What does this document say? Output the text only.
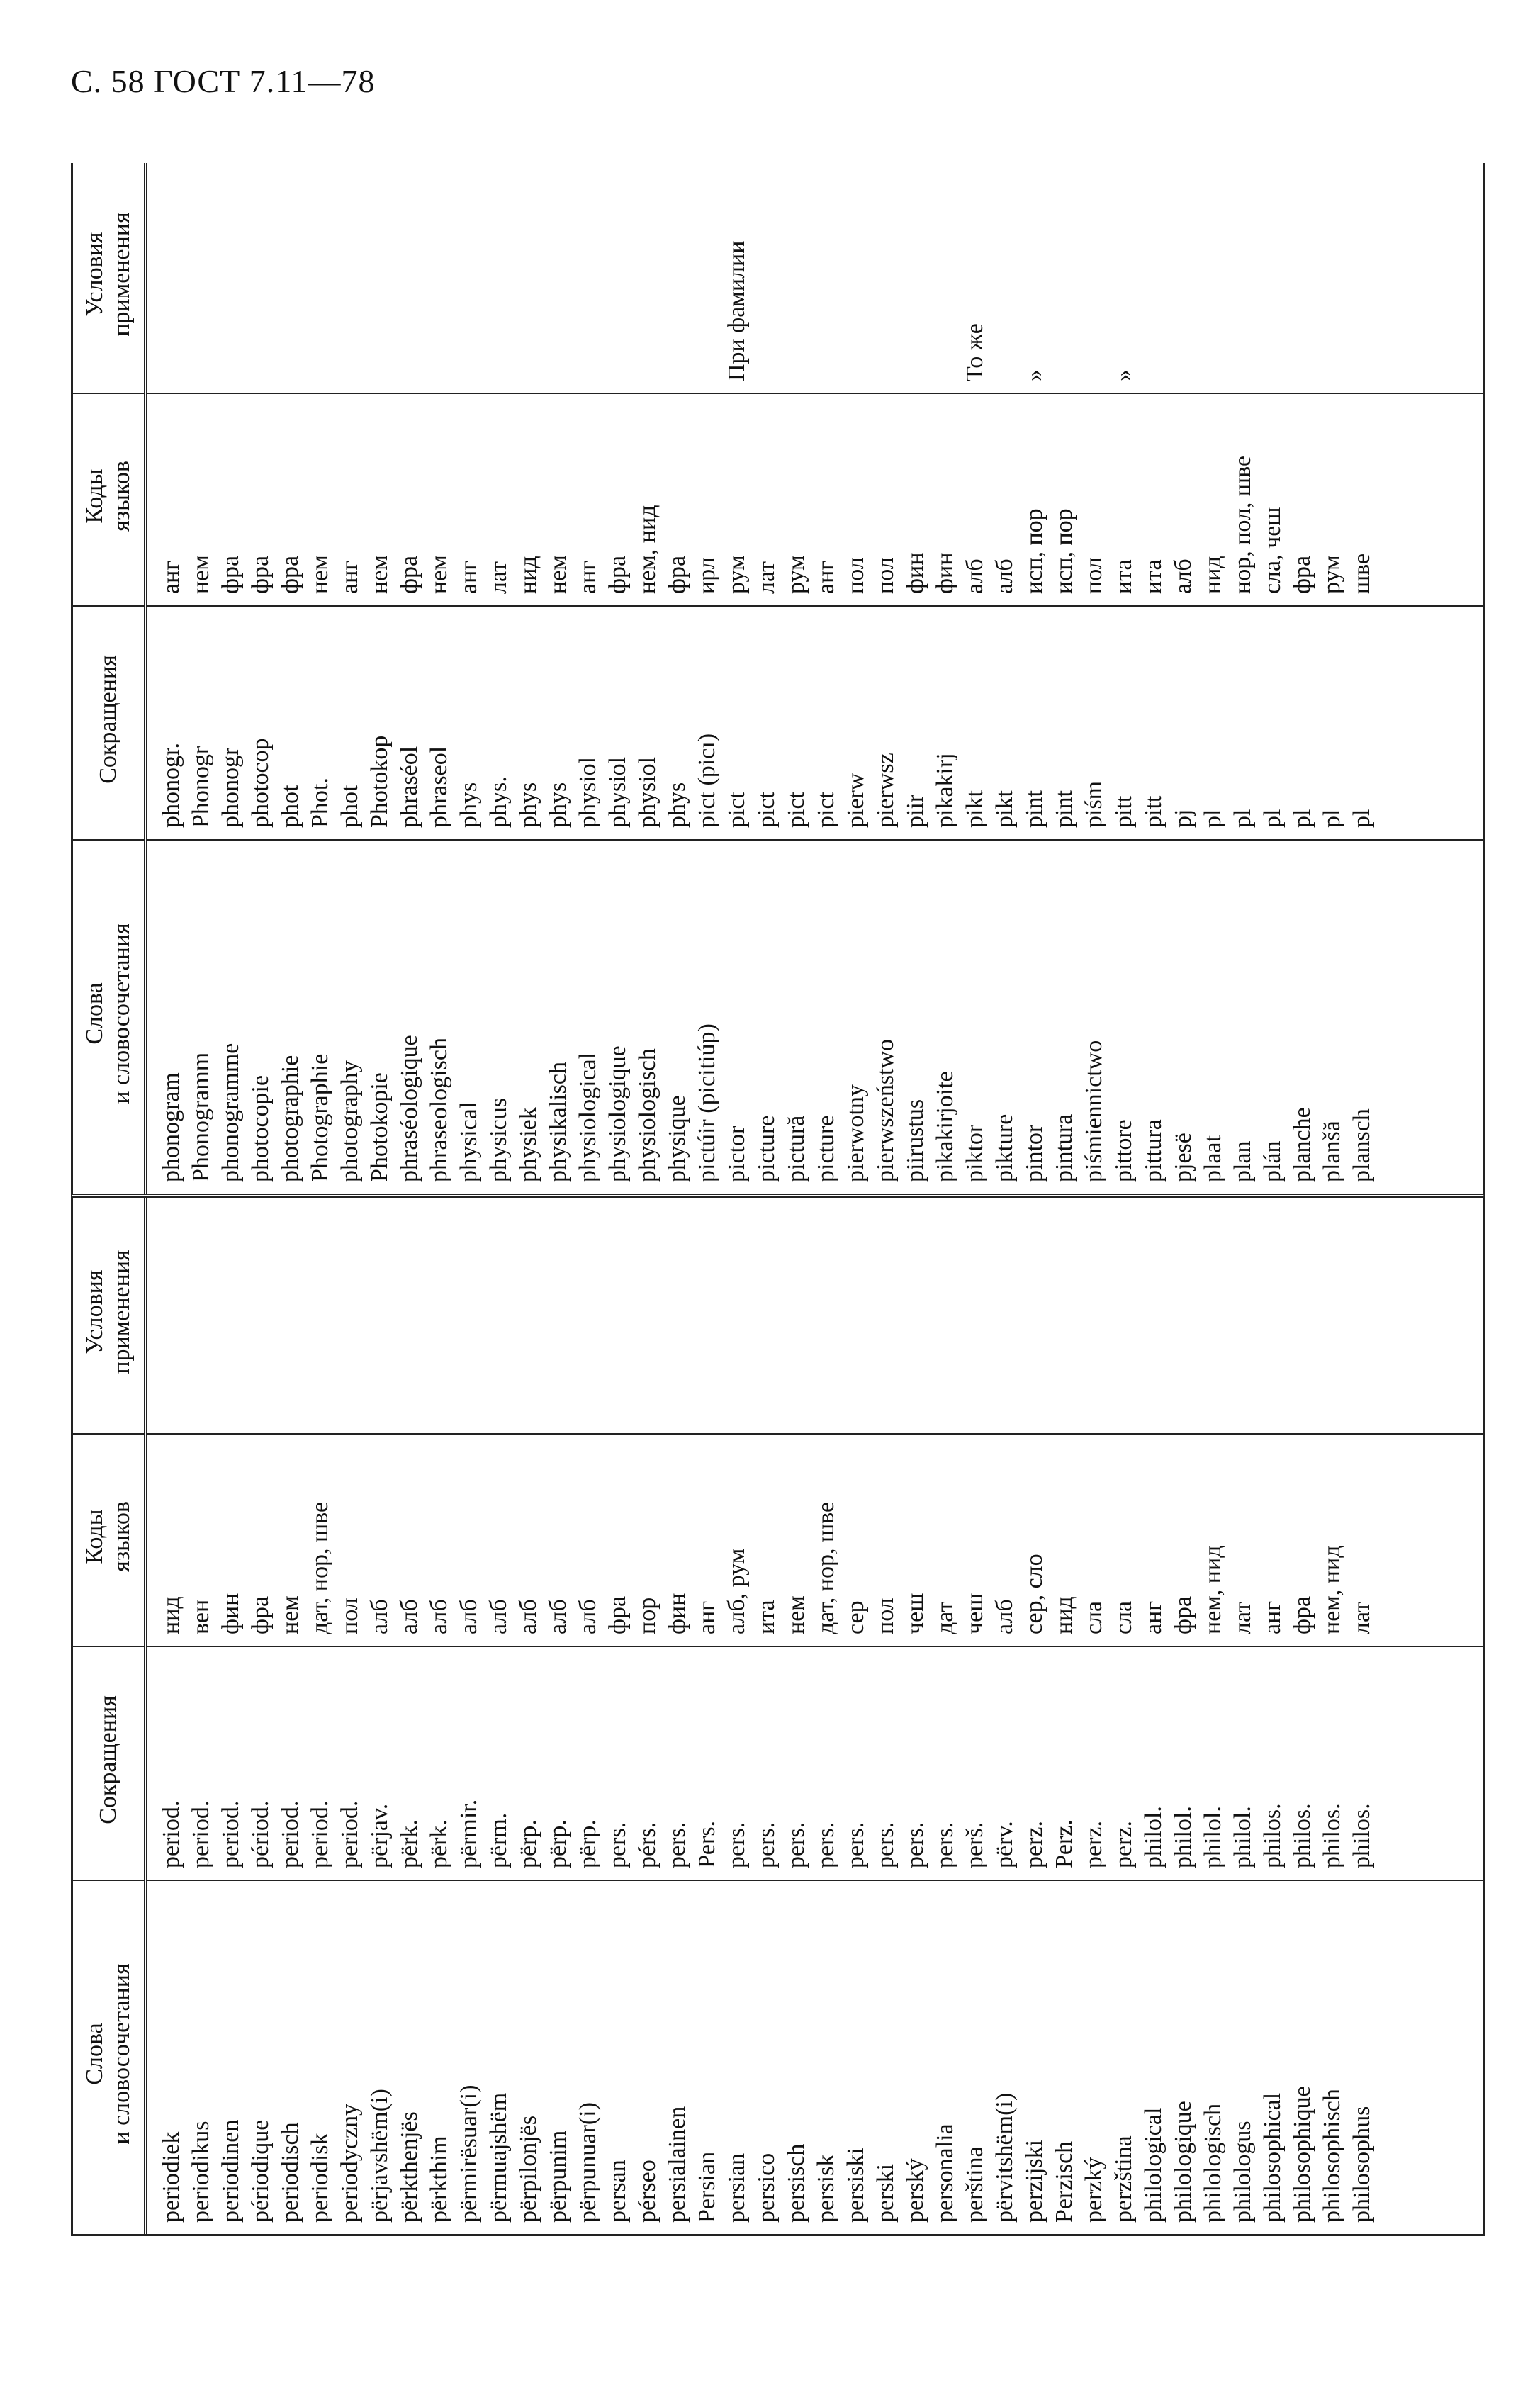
С. 58 ГОСТ 7.11—78
Слова
и словосочетания
Сокращения
Коды
языков
Условия
применения
periodiek periodikus periodinen périodique periodisch periodisk periodyczny përjavshëm(i) përkthenjës përkthim përmirësuar(i) përmuajshëm përpilonjës përpunim përpunuar(i) persan pérseo persialainen Persian persian persico persisch persisk persiski perski perský personalia perština përvitshëm(i) perzijski Perzisch perzký perzština philological philologique philologisch philologus philosophical philosophique philosophisch philosophus
period. period. period. périod. period. period. period. përjav. përk. përk. përmir. përm. përp. përp. përp. pers. pérs. pers. Pers. pers. pers. pers. pers. pers. pers. pers. pers. perš. përv. perz. Perz. perz. perz. philol. philol. philol. philol. philos. philos. philos. philos.
нид вен фин фра нем дат, нор, шве пол алб алб алб алб алб алб алб алб фра пор фин анг алб, рум ита нем дат, нор, шве сер пол чеш дат чеш алб сер, сло нид сла сла анг фра нем, нид лат анг фра нем, нид лат
Слова
и словосочетания
Сокращения
Коды
языков
Условия
применения
phonogram Phonogramm phonogramme photocopie photographie Photographie photography Photokopie phraséologique phraseologisch physical physicus physiek physikalisch physiological physiologique physiologisch physique pictúir (picitiúp) pictor picture pictură picture pierwotny pierwszeństwo piirustus pikakirjoite piktor pikture pintor pintura piśmiennictwo pittore pittura pjesë plaat plan plán planche planšă plansch
phonogr. Phonogr phonogr photocop phot Phot. phot Photokop phraséol phraseol phys phys. phys phys physiol physiol physiol phys pict (picı) pict pict pict pict pierw pierwsz piir pikakirj pikt pikt pint pint piśm pitt pitt pj pl pl pl pl pl pl
анг нем фра фра фра нем анг нем фра нем анг лат нид нем анг фра нем, нид фра ирл рум лат рум анг пол пол фин фин алб алб исп, пор исп, пор пол ита ита алб нид нор, пол, шве сла, чеш фра рум шве
При фамилии	То же »	»
